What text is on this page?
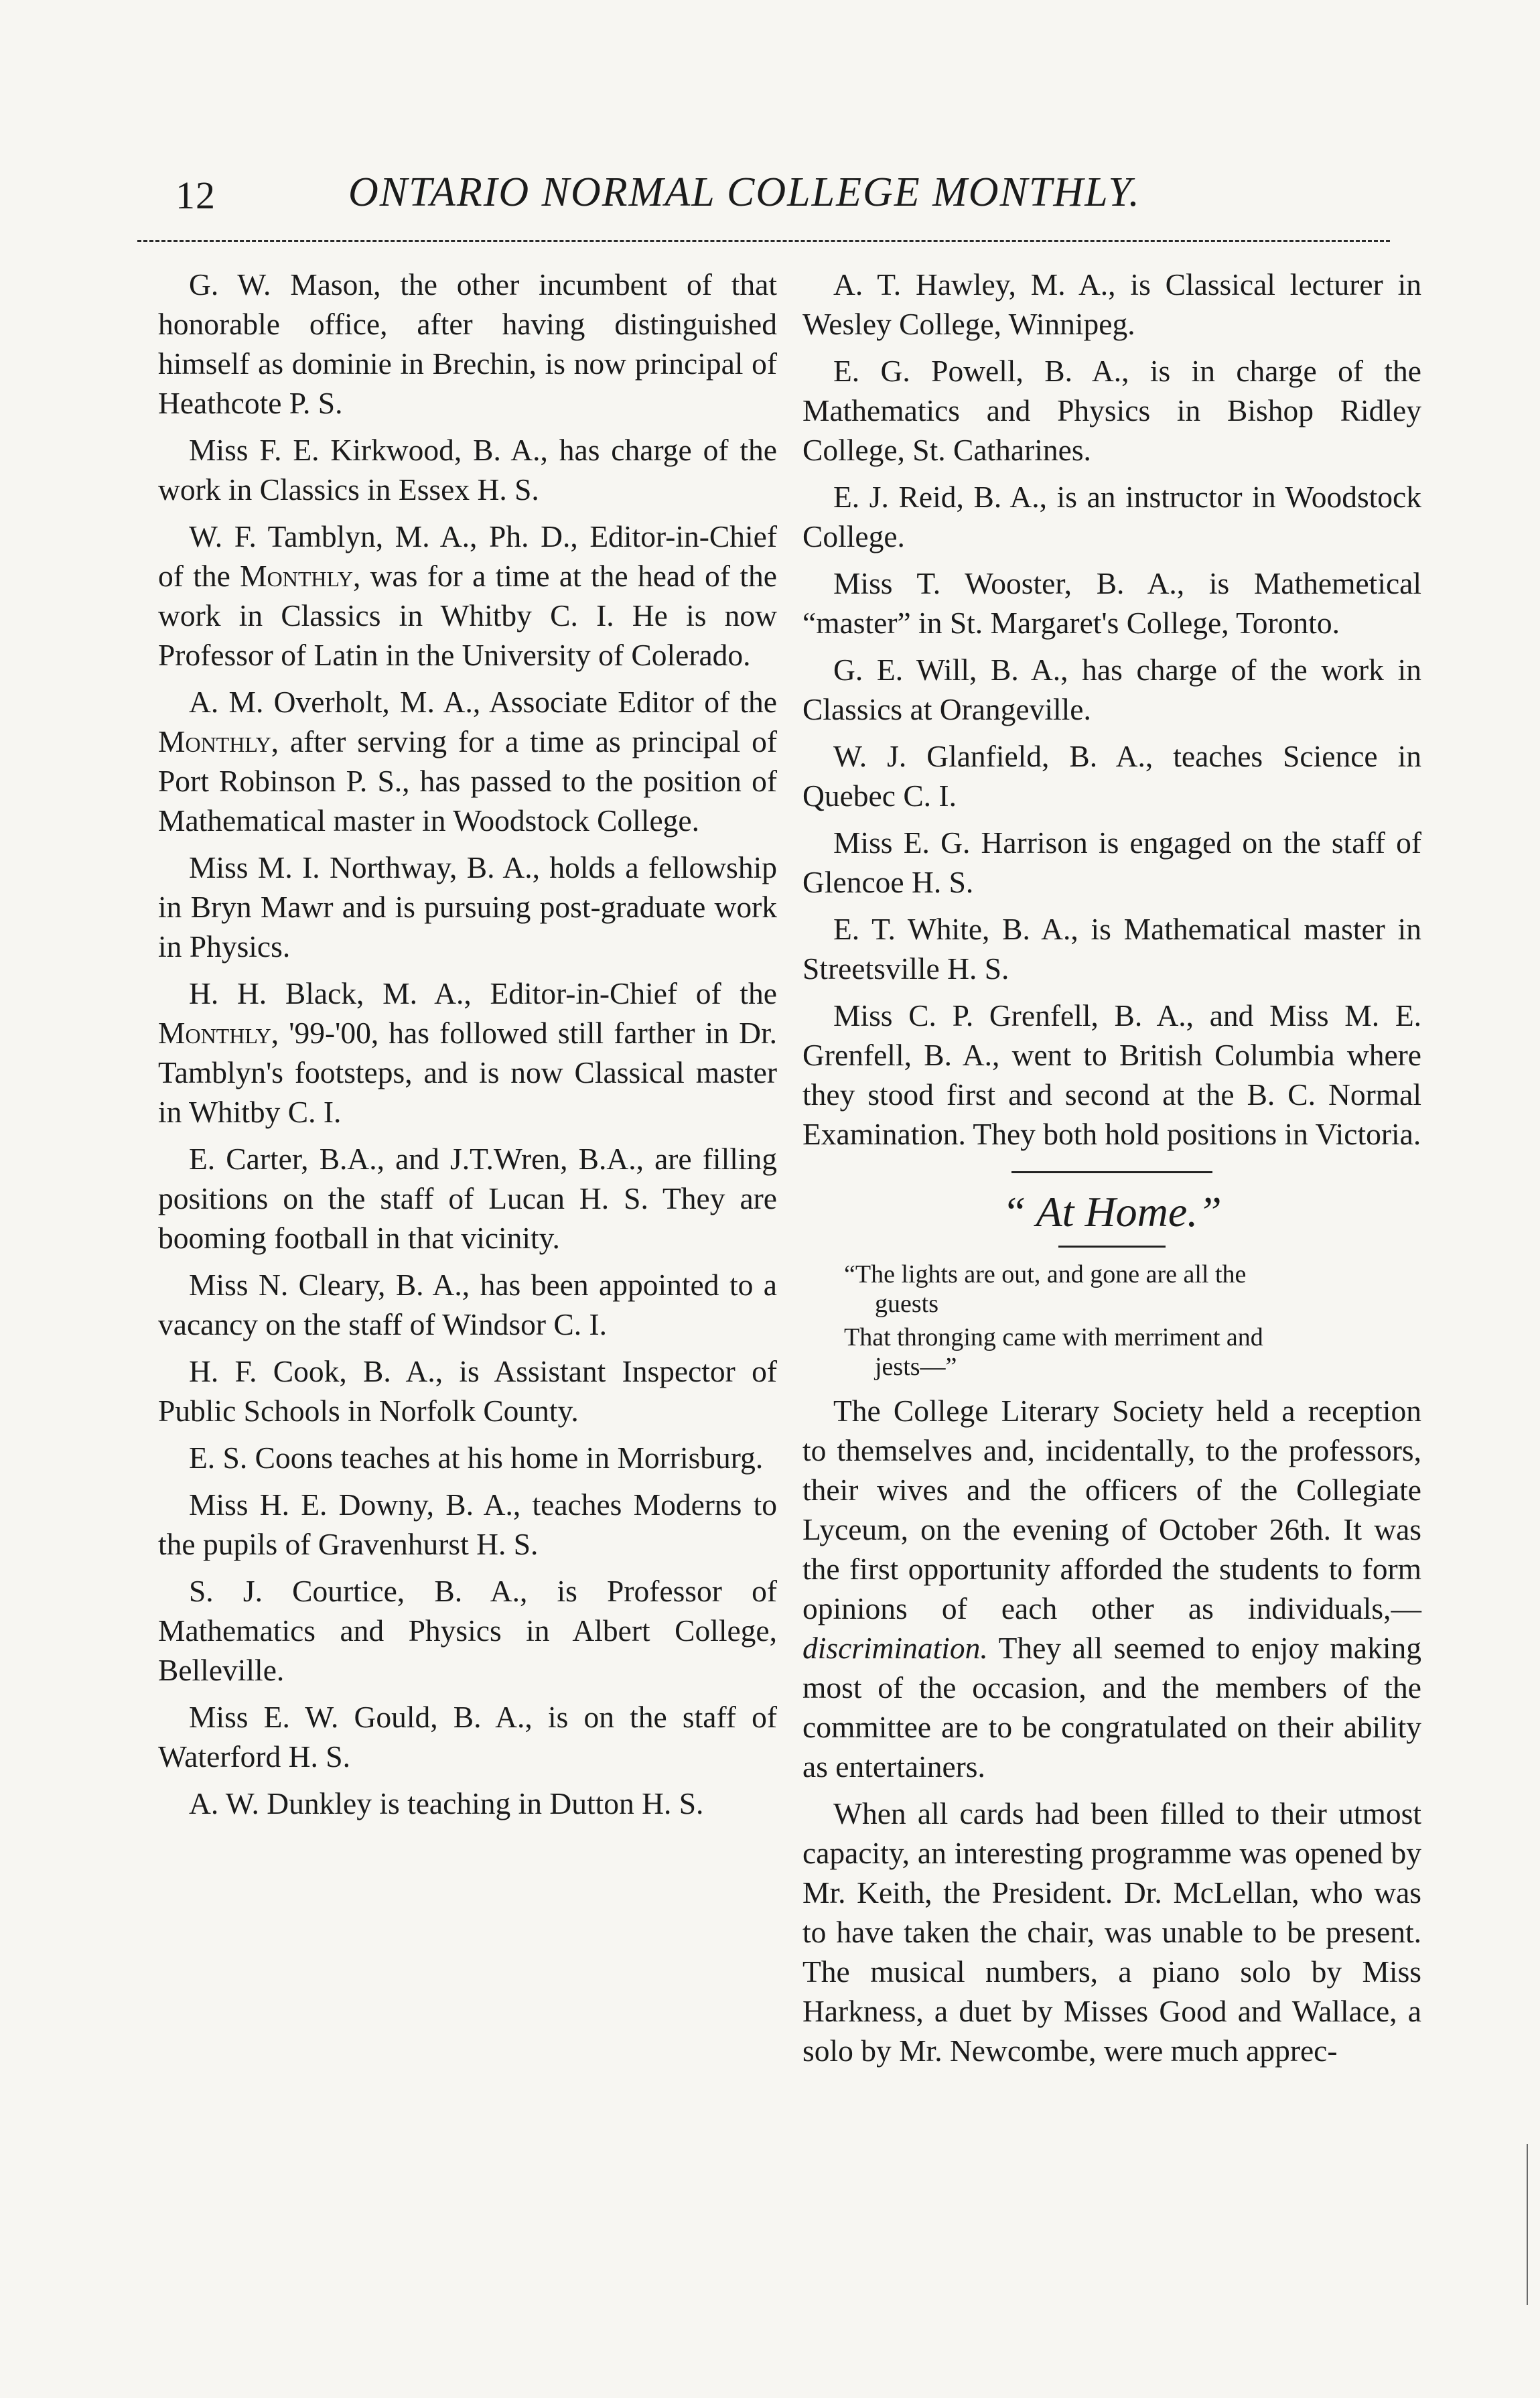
12	ONTARIO NORMAL COLLEGE MONTHLY.

G. W. Mason, the other incumbent of that honorable office, after having distinguished himself as dominie in Brechin, is now principal of Heathcote P. S.

Miss F. E. Kirkwood, B. A., has charge of the work in Classics in Essex H. S.

W. F. Tamblyn, M. A., Ph. D., Editor-in-Chief of the Monthly, was for a time at the head of the work in Classics in Whitby C. I. He is now Professor of Latin in the University of Colerado.

A. M. Overholt, M. A., Associate Editor of the Monthly, after serving for a time as principal of Port Robinson P. S., has passed to the position of Mathematical master in Woodstock College.

Miss M. I. Northway, B. A., holds a fellowship in Bryn Mawr and is pursuing post-graduate work in Physics.

H. H. Black, M. A., Editor-in-Chief of the Monthly, '99-'00, has followed still farther in Dr. Tamblyn's footsteps, and is now Classical master in Whitby C. I.

E. Carter, B.A., and J.T.Wren, B.A., are filling positions on the staff of Lucan H. S. They are booming football in that vicinity.

Miss N. Cleary, B. A., has been appointed to a vacancy on the staff of Windsor C. I.

H. F. Cook, B. A., is Assistant Inspector of Public Schools in Norfolk County.

E. S. Coons teaches at his home in Morrisburg.

Miss H. E. Downy, B. A., teaches Moderns to the pupils of Gravenhurst H. S.

S. J. Courtice, B. A., is Professor of Mathematics and Physics in Albert College, Belleville.

Miss E. W. Gould, B. A., is on the staff of Waterford H. S.

A. W. Dunkley is teaching in Dutton H. S.

A. T. Hawley, M. A., is Classical lecturer in Wesley College, Winnipeg.

E. G. Powell, B. A., is in charge of the Mathematics and Physics in Bishop Ridley College, St. Catharines.

E. J. Reid, B. A., is an instructor in Woodstock College.

Miss T. Wooster, B. A., is Mathemetical “master” in St. Margaret's College, Toronto.

G. E. Will, B. A., has charge of the work in Classics at Orangeville.

W. J. Glanfield, B. A., teaches Science in Quebec C. I.

Miss E. G. Harrison is engaged on the staff of Glencoe H. S.

E. T. White, B. A., is Mathematical master in Streetsville H. S.

Miss C. P. Grenfell, B. A., and Miss M. E. Grenfell, B. A., went to British Columbia where they stood first and second at the B. C. Normal Examination. They both hold positions in Victoria.

“ At Home.”

“The lights are out, and gone are all the
guests

That thronging came with merriment and
jests—”

The College Literary Society held a reception to themselves and, incidentally, to the professors, their wives and the officers of the Collegiate Lyceum, on the evening of October 26th. It was the first opportunity afforded the students to form opinions of each other as individuals,—discrimination. They all seemed to enjoy making most of the occasion, and the members of the committee are to be congratulated on their ability as entertainers.

When all cards had been filled to their utmost capacity, an interesting programme was opened by Mr. Keith, the President. Dr. McLellan, who was to have taken the chair, was unable to be present. The musical numbers, a piano solo by Miss Harkness, a duet by Misses Good and Wallace, a solo by Mr. Newcombe, were much apprec-
